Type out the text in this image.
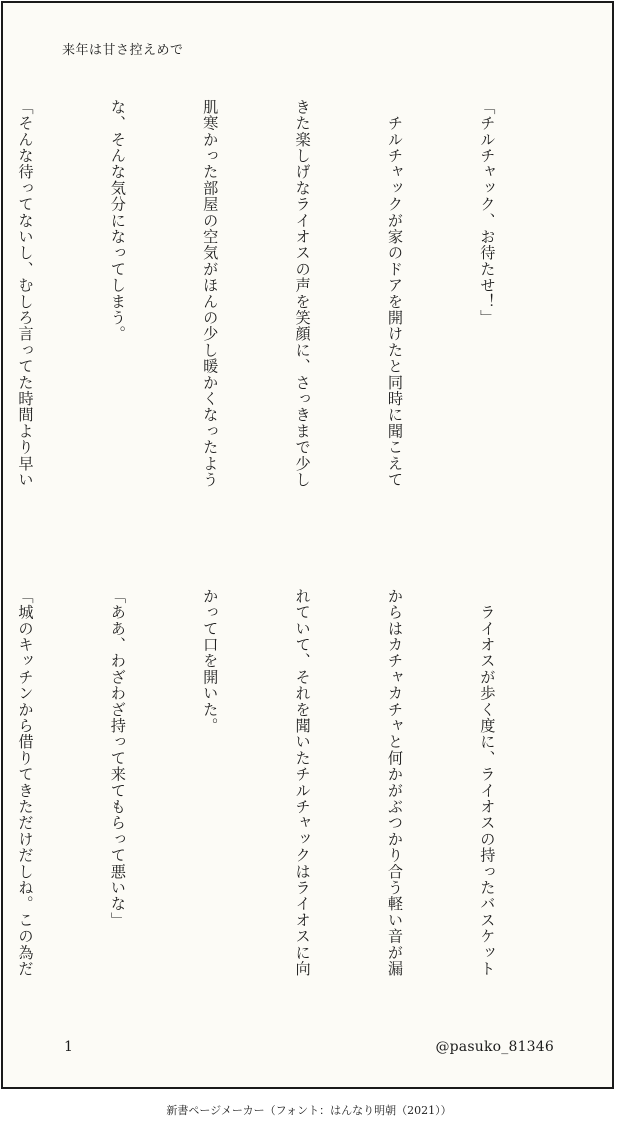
来年は甘さ控えめで

「チルチャック、お待たせ！」

　チルチャックが家のドアを開けたと同時に聞こえて

きた楽しげなライオスの声を笑顔に、さっきまで少し

肌寒かった部屋の空気がほんの少し暖かくなったよう

な、そんな気分になってしまう。

「そんな待ってないし、むしろ言ってた時間より早い

　ライオスが歩く度に、ライオスの持ったバスケット

からはカチャカチャと何かがぶつかり合う軽い音が漏

れていて、それを聞いたチルチャックはライオスに向

かって口を開いた。

「ああ、わざわざ持って来てもらって悪いな」

「城のキッチンから借りてきただけだしね。この為だ

1	@pasuko_81346
新書ページメーカー（フォント：はんなり明朝（2021））
